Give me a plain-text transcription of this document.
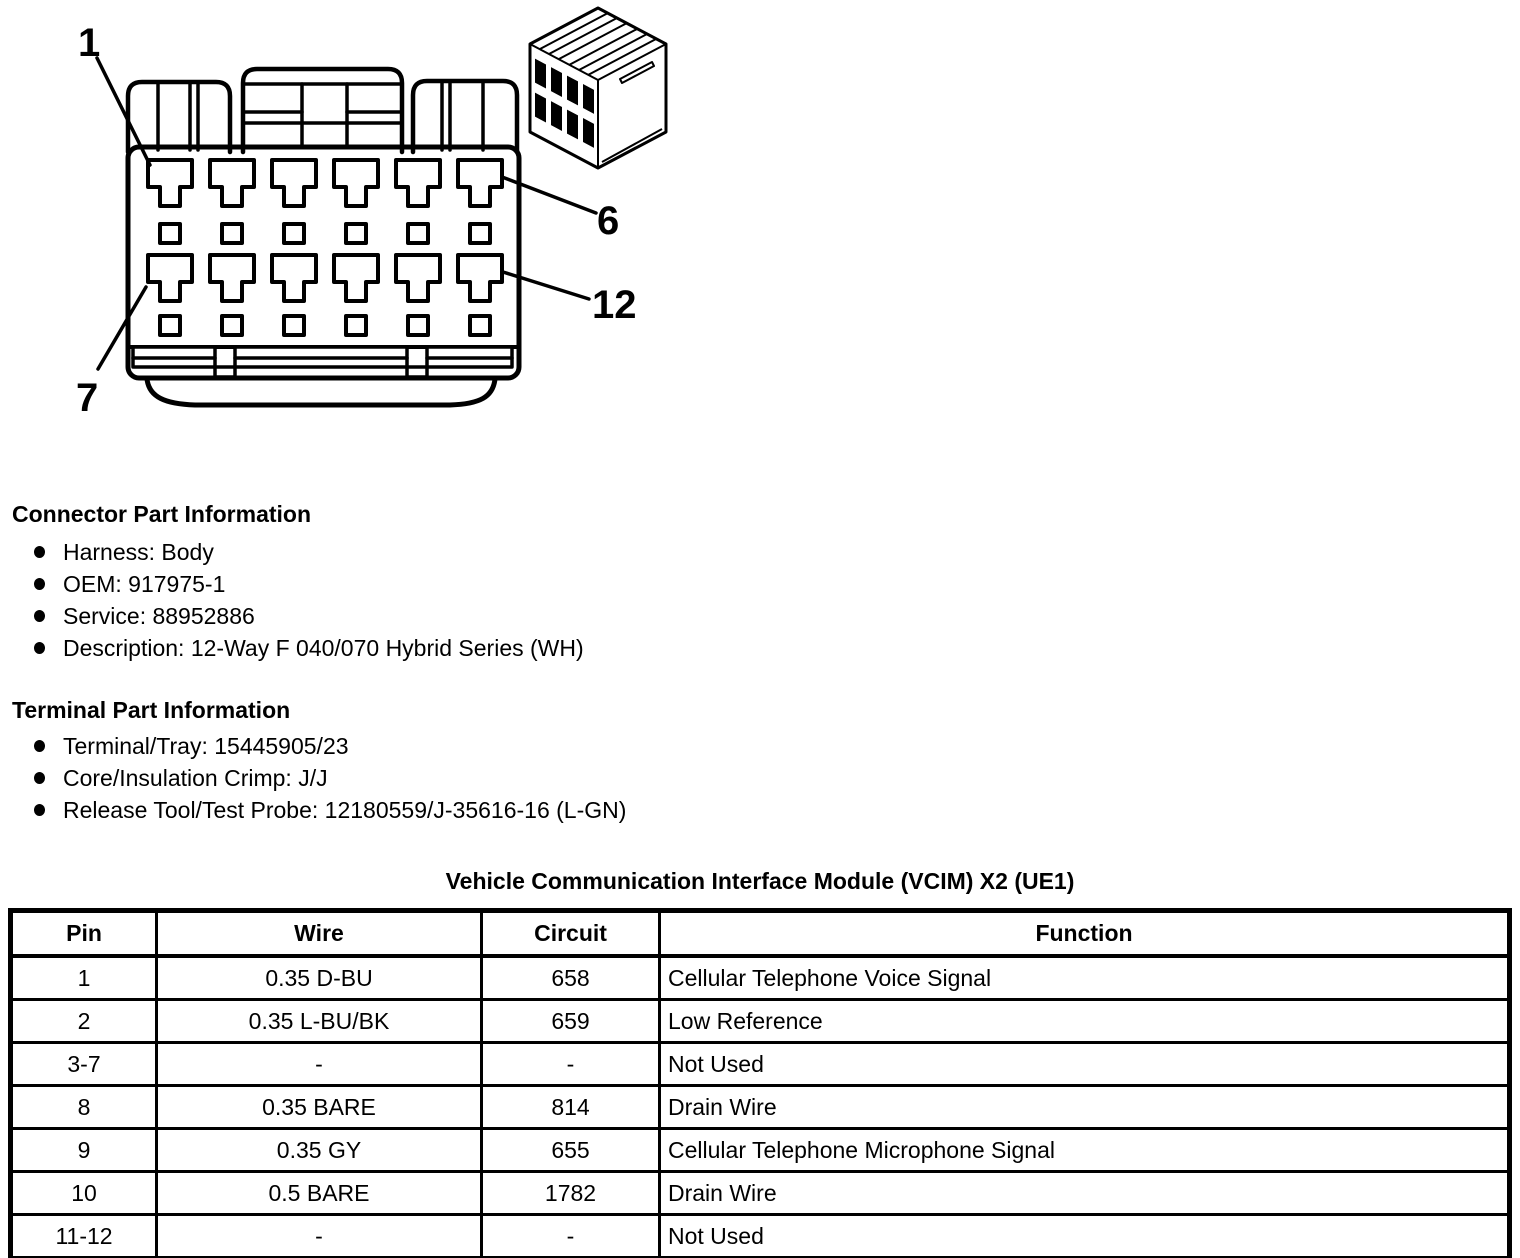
1
6
7
12
Connector Part Information
Harness: Body
OEM: 917975-1
Service: 88952886
Description: 12-Way F 040/070 Hybrid Series (WH)
Terminal Part Information
Terminal/Tray: 15445905/23
Core/Insulation Crimp: J/J
Release Tool/Test Probe: 12180559/J-35616-16 (L-GN)
Vehicle Communication Interface Module (VCIM) X2 (UE1)
Pin	Wire	Circuit	Function
1	0.35 D-BU	658	Cellular Telephone Voice Signal
2	0.35 L-BU/BK	659	Low Reference
3-7	-	-	Not Used
8	0.35 BARE	814	Drain Wire
9	0.35 GY	655	Cellular Telephone Microphone Signal
10	0.5 BARE	1782	Drain Wire
11-12	-	-	Not Used
